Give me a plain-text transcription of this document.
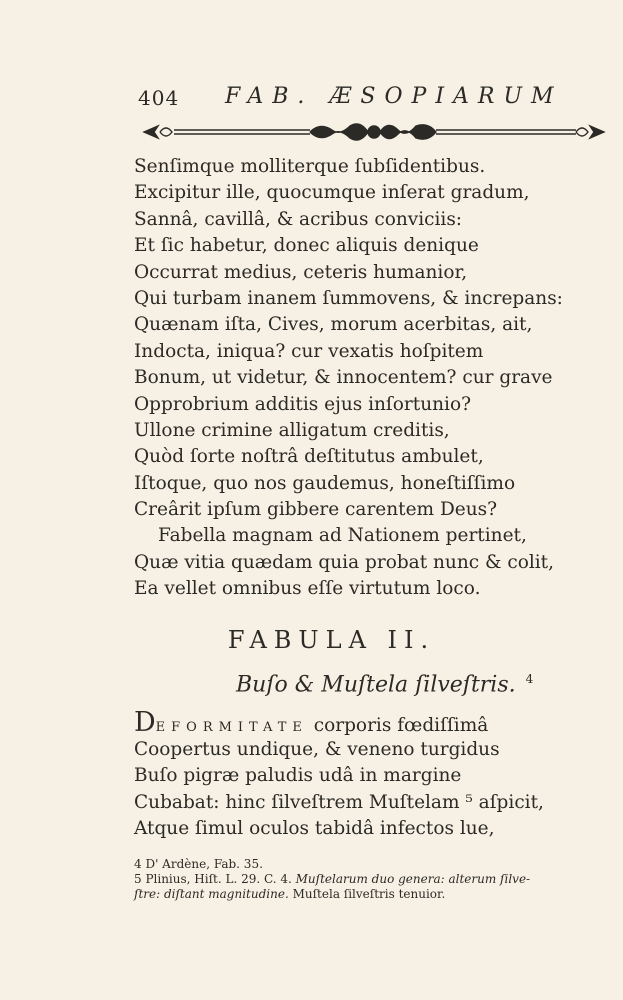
404 FAB. ÆSOPIARUM
Senſimque molliterque ſubſidentibus.
Excipitur ille, quocumque inſerat gradum,
Sannâ, cavillâ, & acribus conviciis:
Et ſic habetur, donec aliquis denique
Occurrat medius, ceteris humanior,
Qui turbam inanem ſummovens, & increpans:
Quænam iſta, Cives, morum acerbitas, ait,
Indocta, iniqua? cur vexatis hoſpitem
Bonum, ut videtur, & innocentem? cur grave
Opprobrium additis ejus inſortunio?
Ullone crimine alligatum creditis,
Quòd ſorte noſtrâ deſtitutus ambulet,
Iſtoque, quo nos gaudemus, honeſtiſſimo
Creârit ipſum gibbere carentem Deus?
Fabella magnam ad Nationem pertinet,
Quæ vitia quædam quia probat nunc & colit,
Ea vellet omnibus eſſe virtutum loco.
FABULA II.
Buſo & Muſtela ſilveſtris. $^4$
DEFORMITATE corporis fœdiſſimâ
Coopertus undique, & veneno turgidus
Buſo pigræ paludis udâ in margine
Cubabat: hinc ſilveſtrem Muſtelam ⁵ aſpicit,
Atque ſimul oculos tabidâ infectos lue,
4 D' Ardène, Fab. 35.
5 Plinius, Hiſt. L. 29. C. 4. Muſtelarum duo genera: alterum ſilve-
ſtre: diſtant magnitudine. Muſtela ſilveſtris tenuior.
